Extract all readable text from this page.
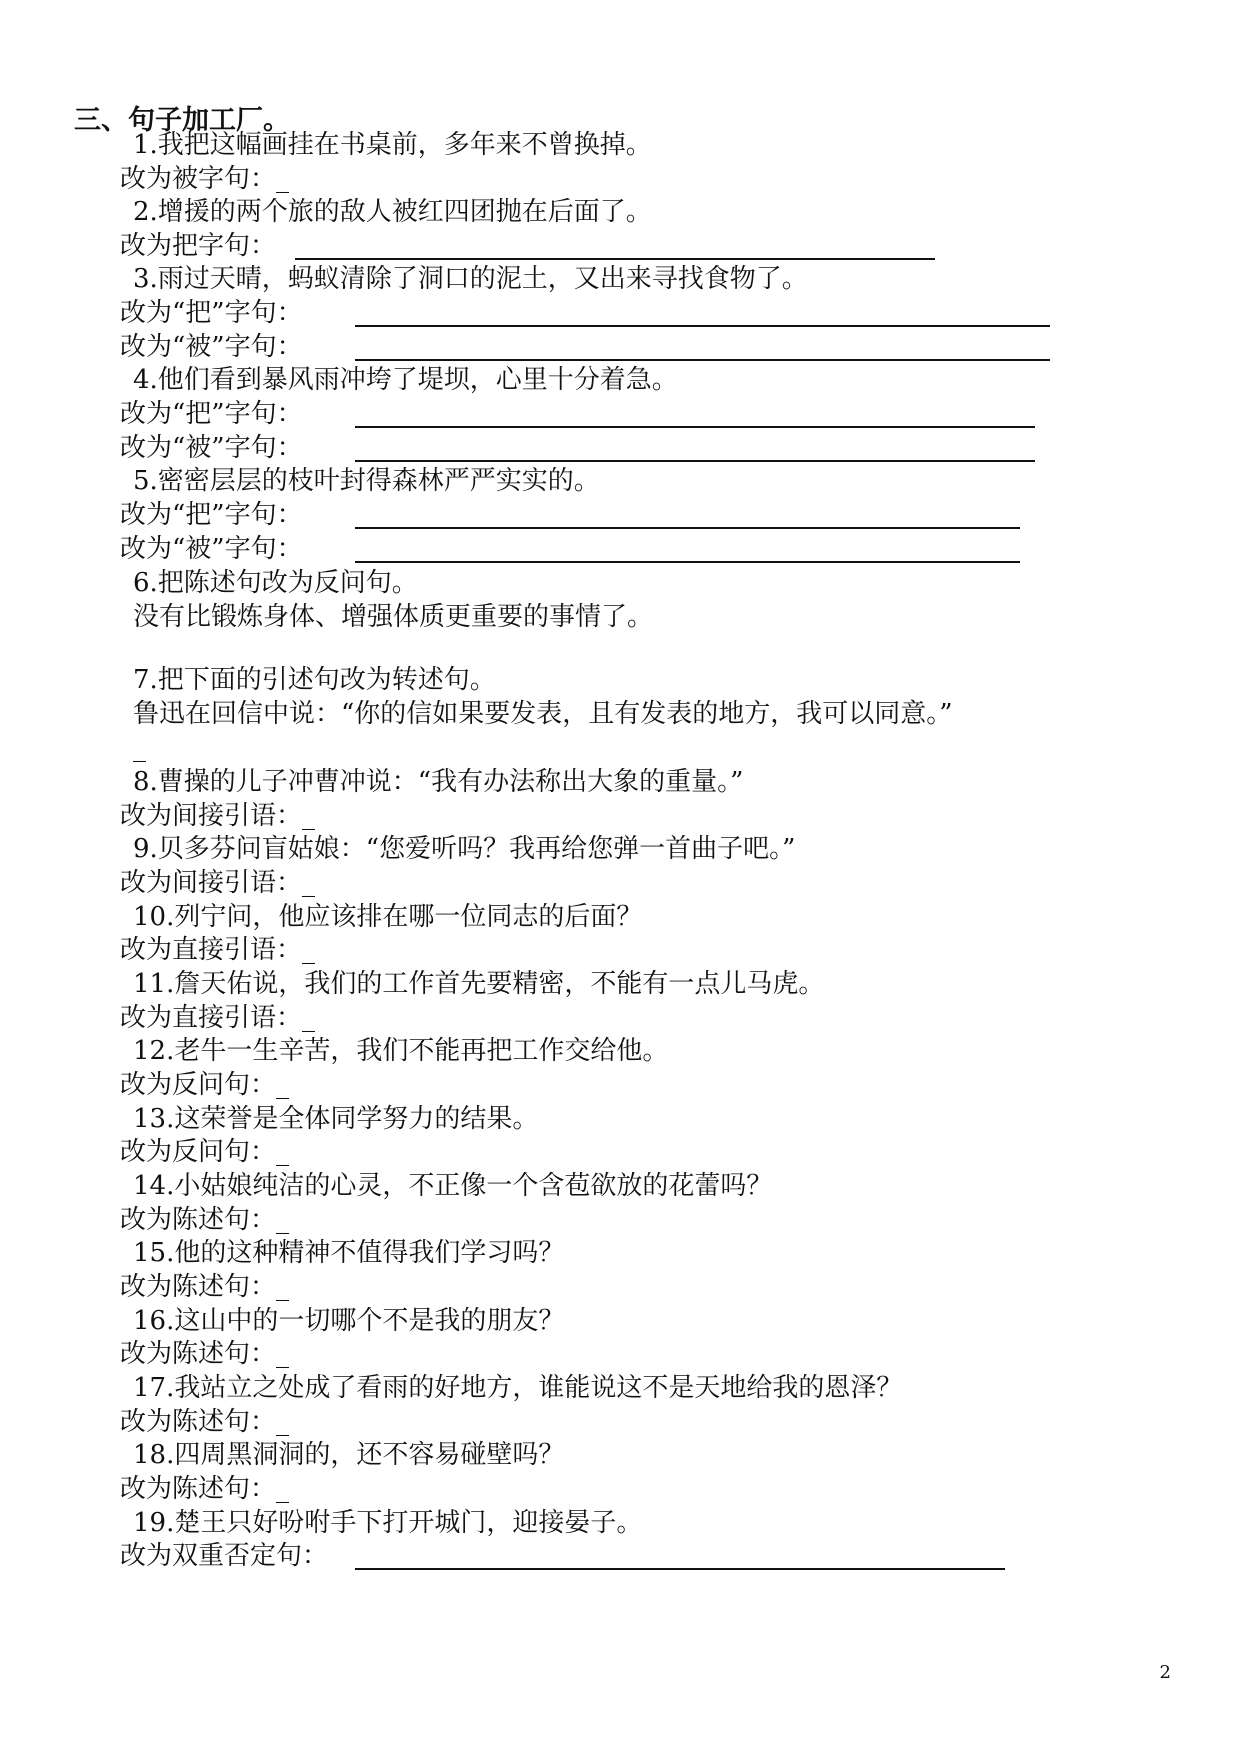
三、句子加工厂。
1.我把这幅画挂在书桌前，多年来不曾换掉。
改为被字句：_
2.增援的两个旅的敌人被红四团抛在后面了。
改为把字句：
3.雨过天晴，蚂蚁清除了洞口的泥土，又出来寻找食物了。
改为“把”字句：
改为“被”字句：
4.他们看到暴风雨冲垮了堤坝，心里十分着急。
改为“把”字句：
改为“被”字句：
5.密密层层的枝叶封得森林严严实实的。
改为“把”字句：
改为“被”字句：
6.把陈述句改为反问句。
没有比锻炼身体、增强体质更重要的事情了。
7.把下面的引述句改为转述句。
鲁迅在回信中说：“你的信如果要发表，且有发表的地方，我可以同意。”
_
8.曹操的儿子冲曹冲说：“我有办法称出大象的重量。”
改为间接引语：_
9.贝多芬问盲姑娘：“您爱听吗？我再给您弹一首曲子吧。”
改为间接引语：_
10.列宁问，他应该排在哪一位同志的后面？
改为直接引语：_
11.詹天佑说，我们的工作首先要精密，不能有一点儿马虎。
改为直接引语：_
12.老牛一生辛苦，我们不能再把工作交给他。
改为反问句：_
13.这荣誉是全体同学努力的结果。
改为反问句：_
14.小姑娘纯洁的心灵，不正像一个含苞欲放的花蕾吗？
改为陈述句：_
15.他的这种精神不值得我们学习吗？
改为陈述句：_
16.这山中的一切哪个不是我的朋友？
改为陈述句：_
17.我站立之处成了看雨的好地方，谁能说这不是天地给我的恩泽？
改为陈述句：_
18.四周黑洞洞的，还不容易碰壁吗？
改为陈述句：_
19.楚王只好吩咐手下打开城门，迎接晏子。
改为双重否定句：
2
